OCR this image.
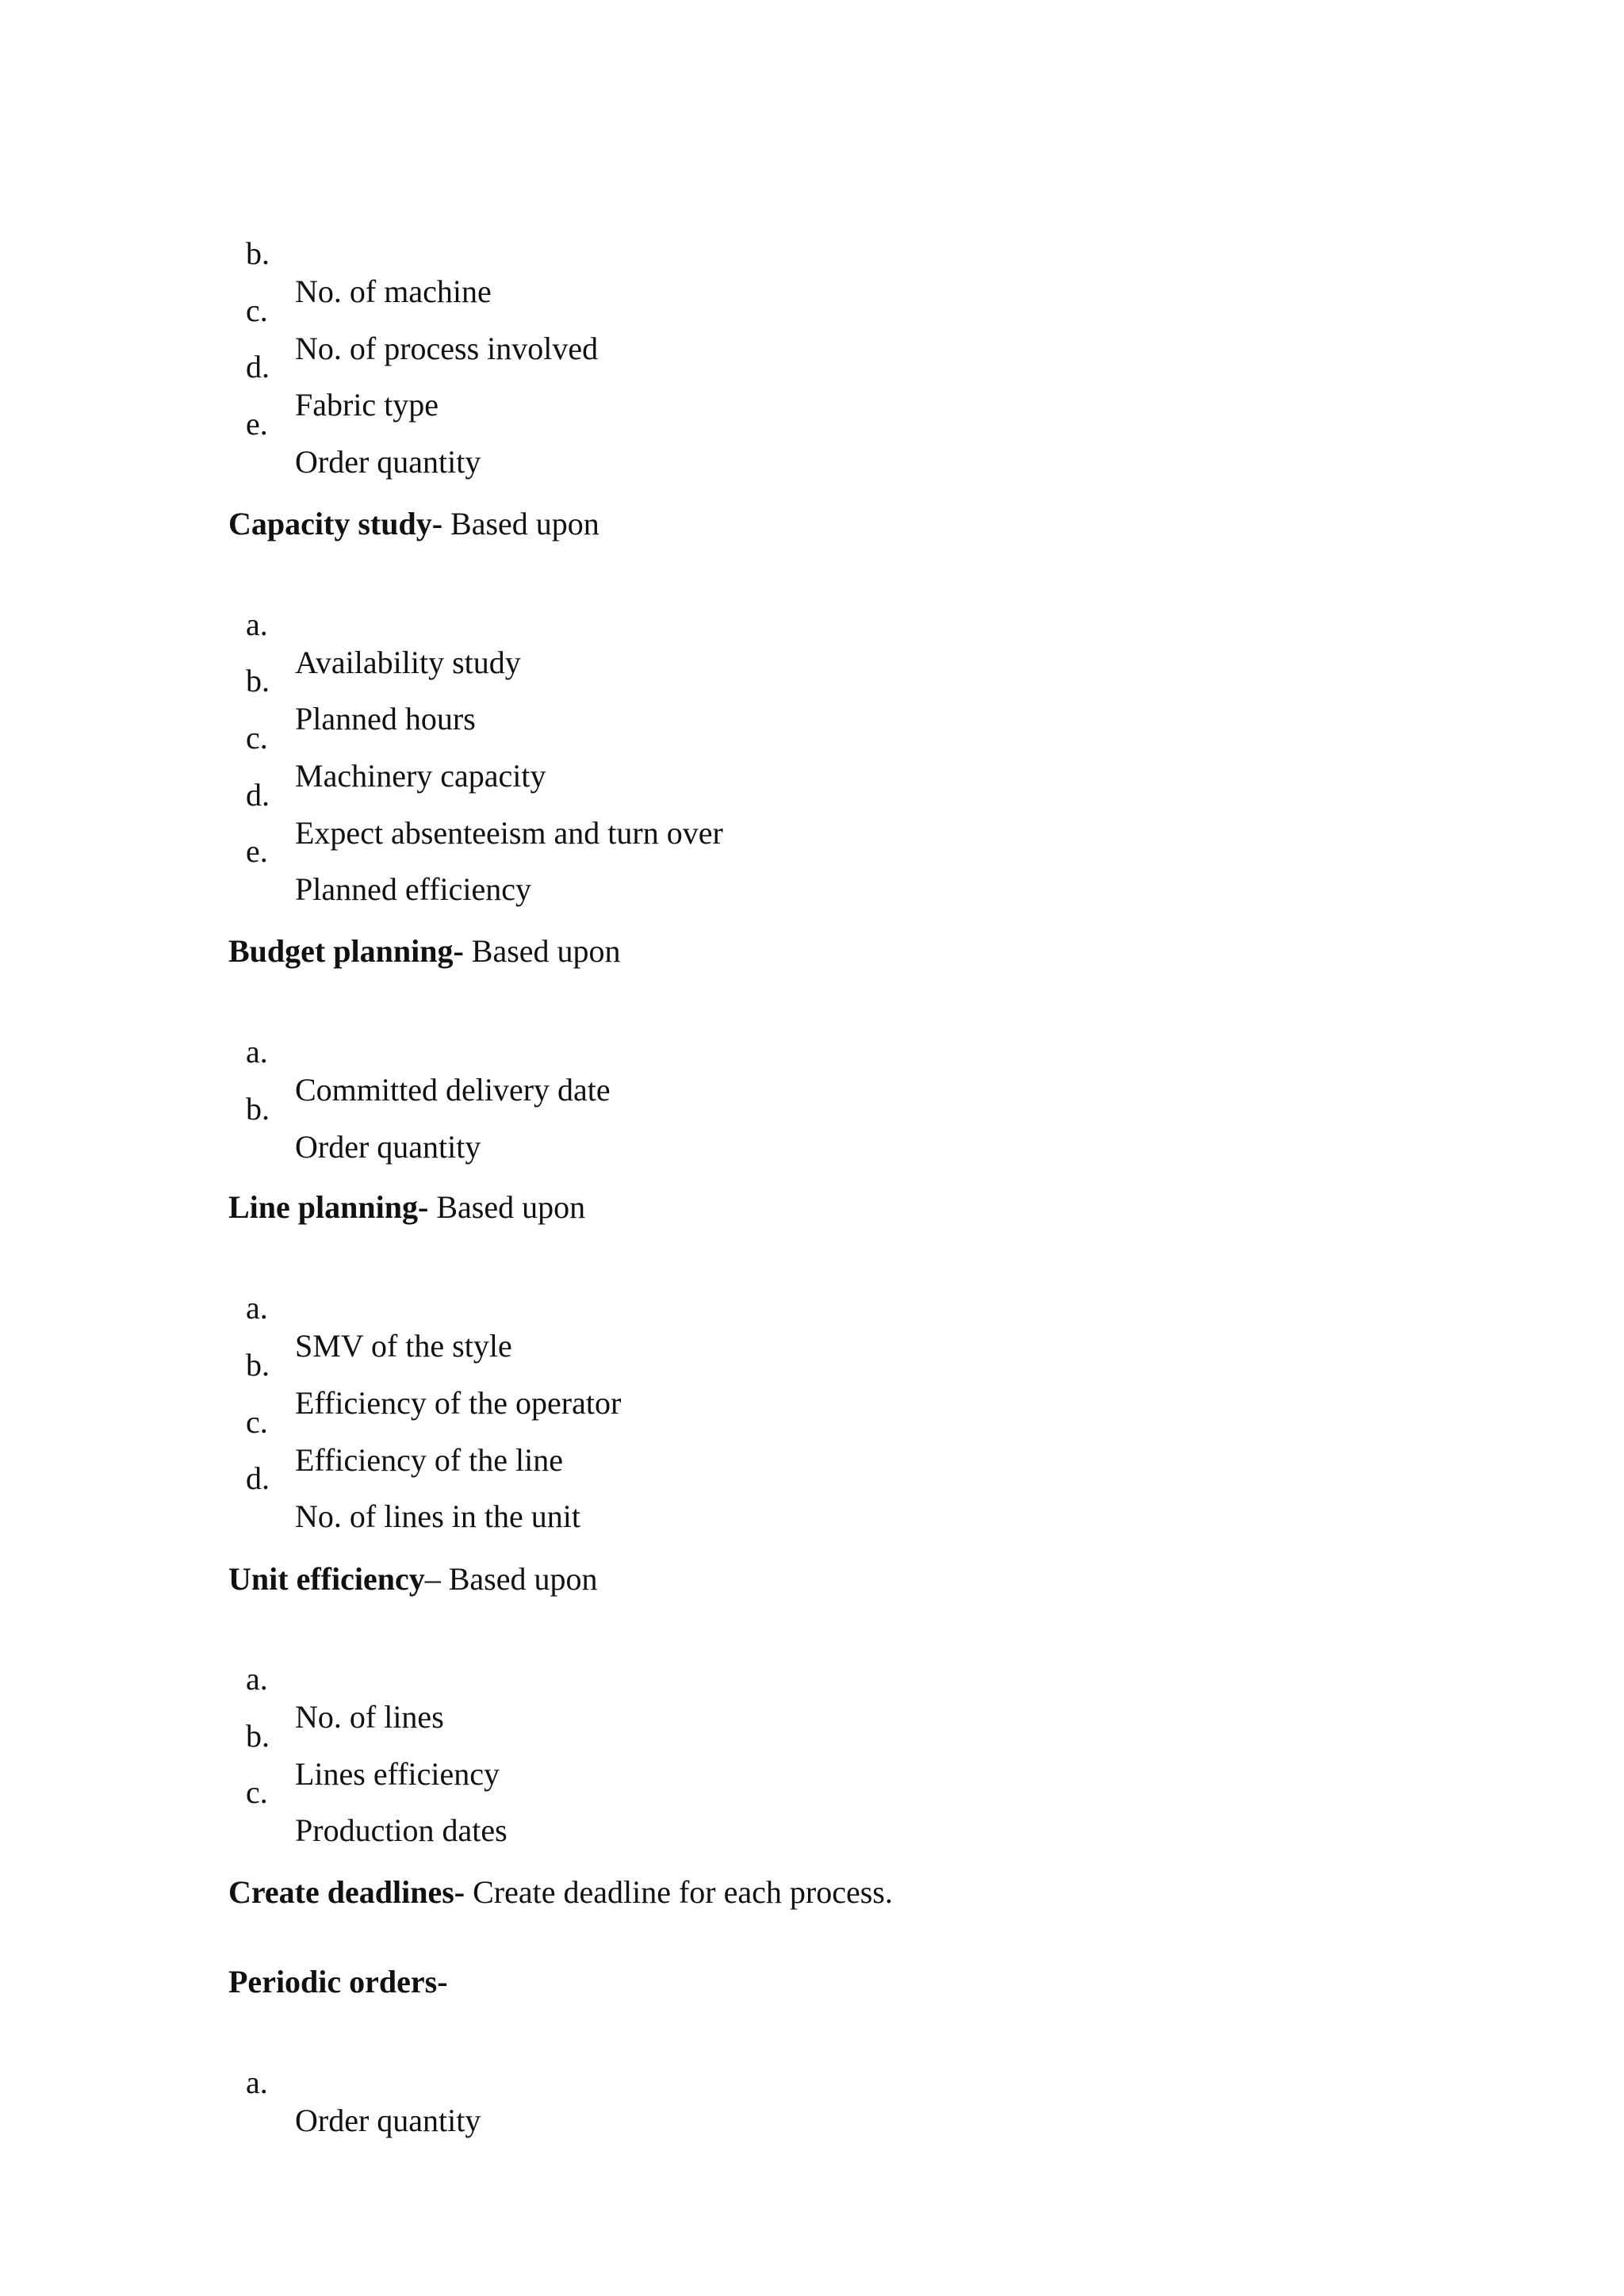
b.

No. of machine

c.

No. of process involved

d.

Fabric type

e.

Order quantity

Capacity study- Based upon

a.

Availability study

b.

Planned hours

c.

Machinery capacity

d.

Expect absenteeism and turn over

e.

Planned efficiency

Budget planning- Based upon

a.

Committed delivery date

b.

Order quantity

Line planning- Based upon

a.

SMV of the style

b.

Efficiency of the operator

c.

Efficiency of the line

d.

No. of lines in the unit

Unit efficiency– Based upon

a.

No. of lines

b.

Lines efficiency

c.

Production dates

Create deadlines- Create deadline for each process.

Periodic orders-

a.

Order quantity
